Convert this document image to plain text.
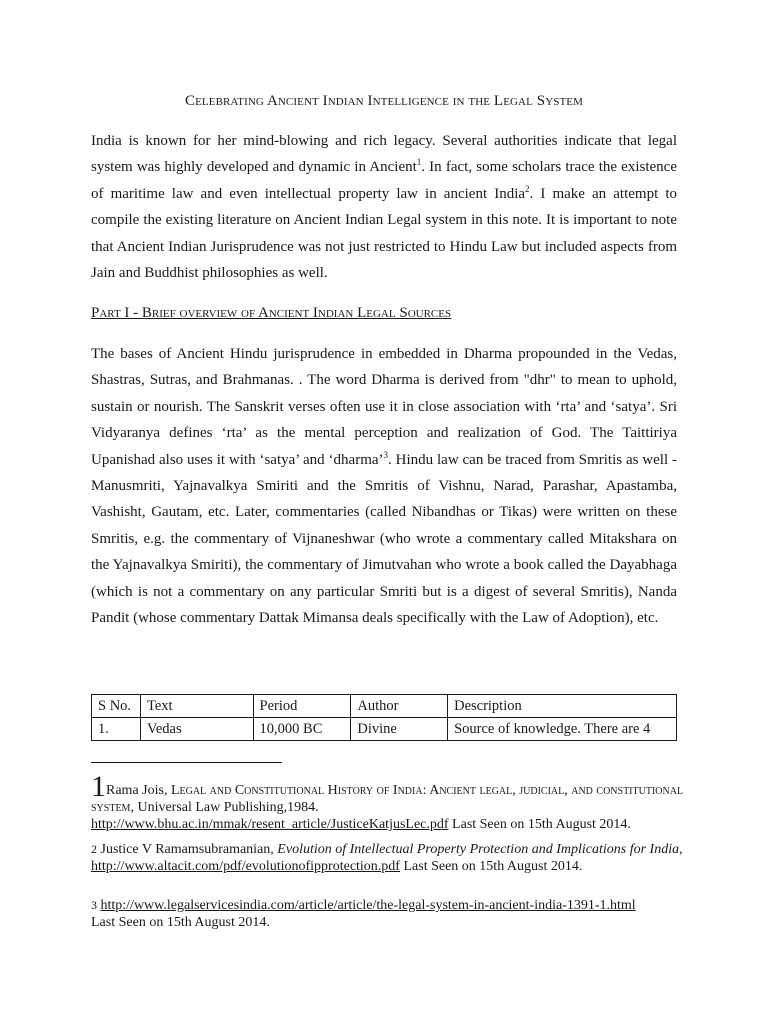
Celebrating Ancient Indian Intelligence in the Legal System

India is known for her mind-blowing and rich legacy. Several authorities indicate that legal system was highly developed and dynamic in Ancient$^1$. In fact, some scholars trace the existence of maritime law and even intellectual property law in ancient India$^2$. I make an attempt to compile the existing literature on Ancient Indian Legal system in this note. It is important to note that Ancient Indian Jurisprudence was not just restricted to Hindu Law but included aspects from Jain and Buddhist philosophies as well.

Part I - Brief overview of Ancient Indian Legal Sources

The bases of Ancient Hindu jurisprudence in embedded in Dharma propounded in the Vedas, Shastras, Sutras, and Brahmanas. . The word Dharma is derived from "dhr" to mean to uphold, sustain or nourish. The Sanskrit verses often use it in close association with ‘rta’ and ‘satya’. Sri Vidyaranya defines ‘rta’ as the mental perception and realization of God. The Taittiriya Upanishad also uses it with ‘satya’ and ‘dharma’$^3$. Hindu law can be traced from Smritis as well - Manusmriti, Yajnavalkya Smiriti and the Smritis of Vishnu, Narad, Parashar, Apastamba, Vashisht, Gautam, etc. Later, commentaries (called Nibandhas or Tikas) were written on these Smritis, e.g. the commentary of Vijnaneshwar (who wrote a commentary called Mitakshara on the Yajnavalkya Smiriti), the commentary of Jimutvahan who wrote a book called the Dayabhaga (which is not a commentary on any particular Smriti but is a digest of several Smritis), Nanda Pandit (whose commentary Dattak Mimansa deals specifically with the Law of Adoption), etc.

S No.	Text	Period	Author	Description
1.	Vedas	10,000 BC	Divine	Source of knowledge. There are 4
1Rama Jois, Legal and Constitutional History of India: Ancient legal, judicial, and constitutional system, Universal Law Publishing,1984.
http://www.bhu.ac.in/mmak/resent_article/JusticeKatjusLec.pdf Last Seen on 15th August 2014.
2 Justice V Ramamsubramanian, Evolution of Intellectual Property Protection and Implications for India, http://www.altacit.com/pdf/evolutionofipprotection.pdf Last Seen on 15th August 2014.
3 http://www.legalservicesindia.com/article/article/the-legal-system-in-ancient-india-1391-1.html
Last Seen on 15th August 2014.
